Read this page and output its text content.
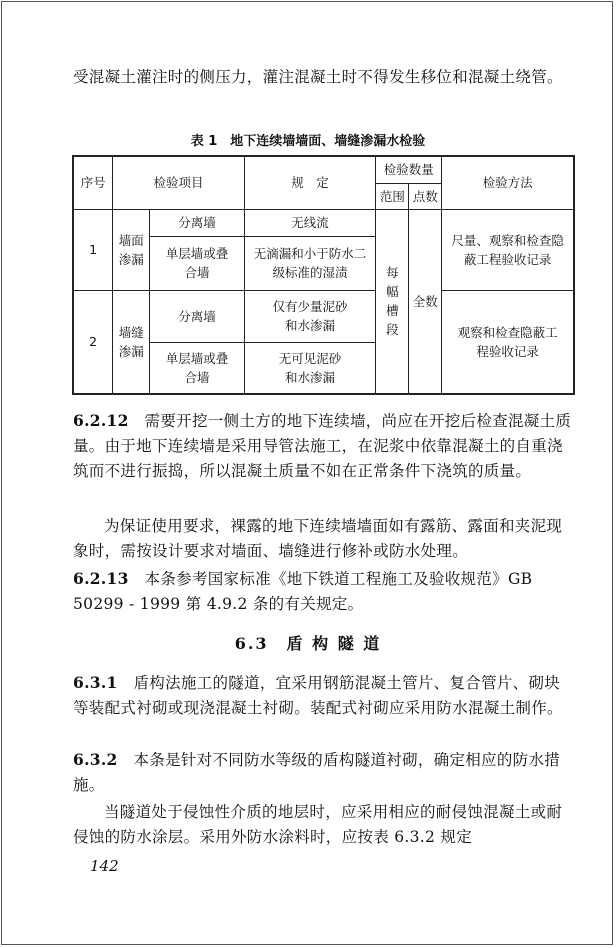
受混凝土灌注时的侧压力，灌注混凝土时不得发生移位和混凝土绕管。
表 1　地下连续墙墙面、墙缝渗漏水检验
序号	检验项目		规　定	检验数量		检验方法
				范围	点数	
1	墙面渗漏	分离墙	无线流	每幅槽段	全数	尺量、观察和检查隐蔽工程验收记录
		单层墙或叠合墙	无滴漏和小于防水二级标准的湿渍			
2	墙缝渗漏	分离墙	仅有少量泥砂和水渗漏			观察和检查隐蔽工程验收记录
		单层墙或叠合墙	无可见泥砂和水渗漏			
6.2.12　 需要开挖一侧土方的地下连续墙，尚应在开挖后检查混凝土质量。由于地下连续墙是采用导管法施工，在泥浆中依靠混凝土的自重浇筑而不进行振捣，所以混凝土质量不如在正常条件下浇筑的质量。
为保证使用要求，裸露的地下连续墙墙面如有露筋、露面和夹泥现象时，需按设计要求对墙面、墙缝进行修补或防水处理。
6.2.13　 本条参考国家标准《地下铁道工程施工及验收规范》GB 50299 - 1999 第 4.9.2 条的有关规定。
6.3　盾 构 隧 道
6.3.1　 盾构法施工的隧道，宜采用钢筋混凝土管片、复合管片、砌块等装配式衬砌或现浇混凝土衬砌。装配式衬砌应采用防水混凝土制作。
6.3.2　 本条是针对不同防水等级的盾构隧道衬砌，确定相应的防水措施。
当隧道处于侵蚀性介质的地层时，应采用相应的耐侵蚀混凝土或耐侵蚀的防水涂层。采用外防水涂料时，应按表 6.3.2 规定
142
